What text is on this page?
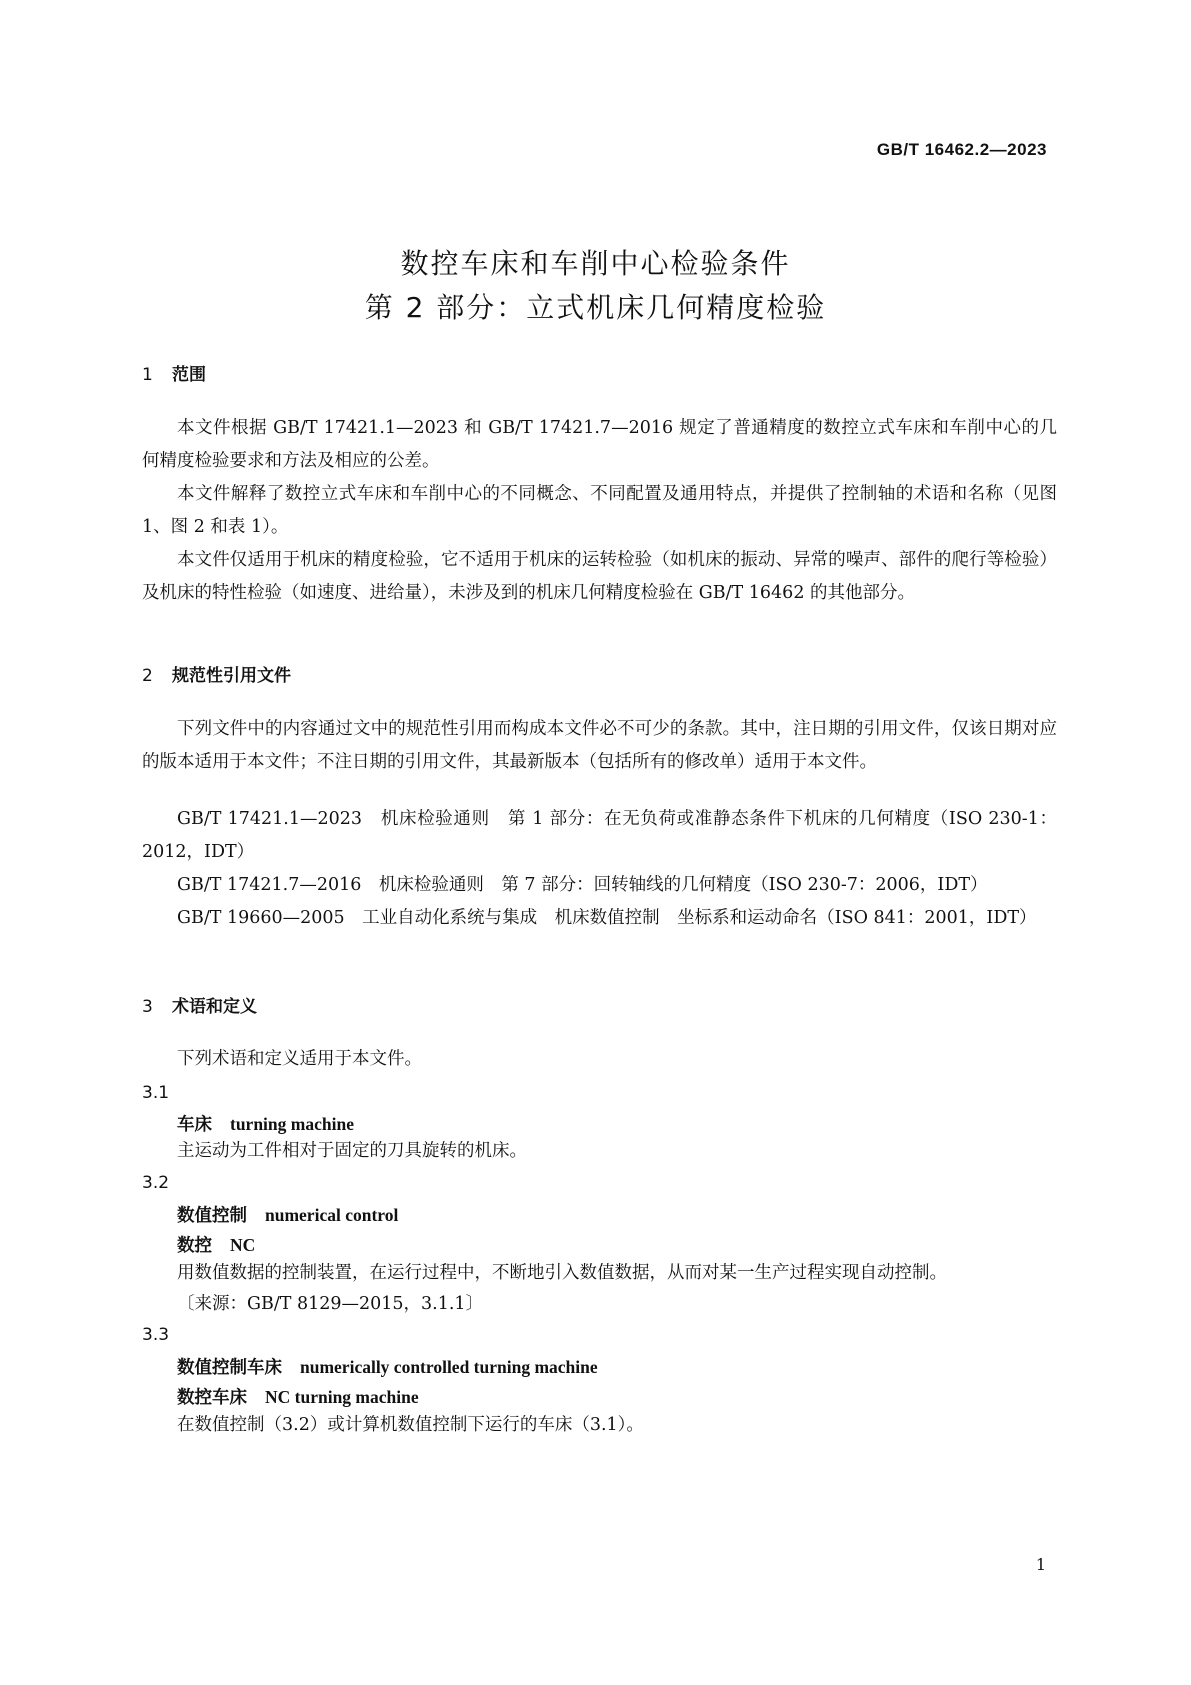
GB/T 16462.2—2023
数控车床和车削中心检验条件
第 2 部分：立式机床几何精度检验
1 范围

本文件根据 GB/T 17421.1—2023 和 GB/T 17421.7—2016 规定了普通精度的数控立式车床和车削中心的几何精度检验要求和方法及相应的公差。

本文件解释了数控立式车床和车削中心的不同概念、不同配置及通用特点，并提供了控制轴的术语和名称（见图 1、图 2 和表 1）。

本文件仅适用于机床的精度检验，它不适用于机床的运转检验（如机床的振动、异常的噪声、部件的爬行等检验）及机床的特性检验（如速度、进给量），未涉及到的机床几何精度检验在 GB/T 16462 的其他部分。

2 规范性引用文件

下列文件中的内容通过文中的规范性引用而构成本文件必不可少的条款。其中，注日期的引用文件，仅该日期对应的版本适用于本文件；不注日期的引用文件，其最新版本（包括所有的修改单）适用于本文件。

GB/T 17421.1—2023　机床检验通则　第 1 部分：在无负荷或准静态条件下机床的几何精度（ISO 230-1：2012，IDT）

GB/T 17421.7—2016　机床检验通则　第 7 部分：回转轴线的几何精度（ISO 230-7：2006，IDT）

GB/T 19660—2005　工业自动化系统与集成　机床数值控制　坐标系和运动命名（ISO 841：2001，IDT）

3 术语和定义

下列术语和定义适用于本文件。

3.1
车床 turning machine

主运动为工件相对于固定的刀具旋转的机床。

3.2
数值控制 numerical control
数控 NC

用数值数据的控制装置，在运行过程中，不断地引入数值数据，从而对某一生产过程实现自动控制。

〔来源：GB/T 8129—2015，3.1.1〕

3.3
数值控制车床 numerically controlled turning machine
数控车床 NC turning machine

在数值控制（3.2）或计算机数值控制下运行的车床（3.1）。

1
